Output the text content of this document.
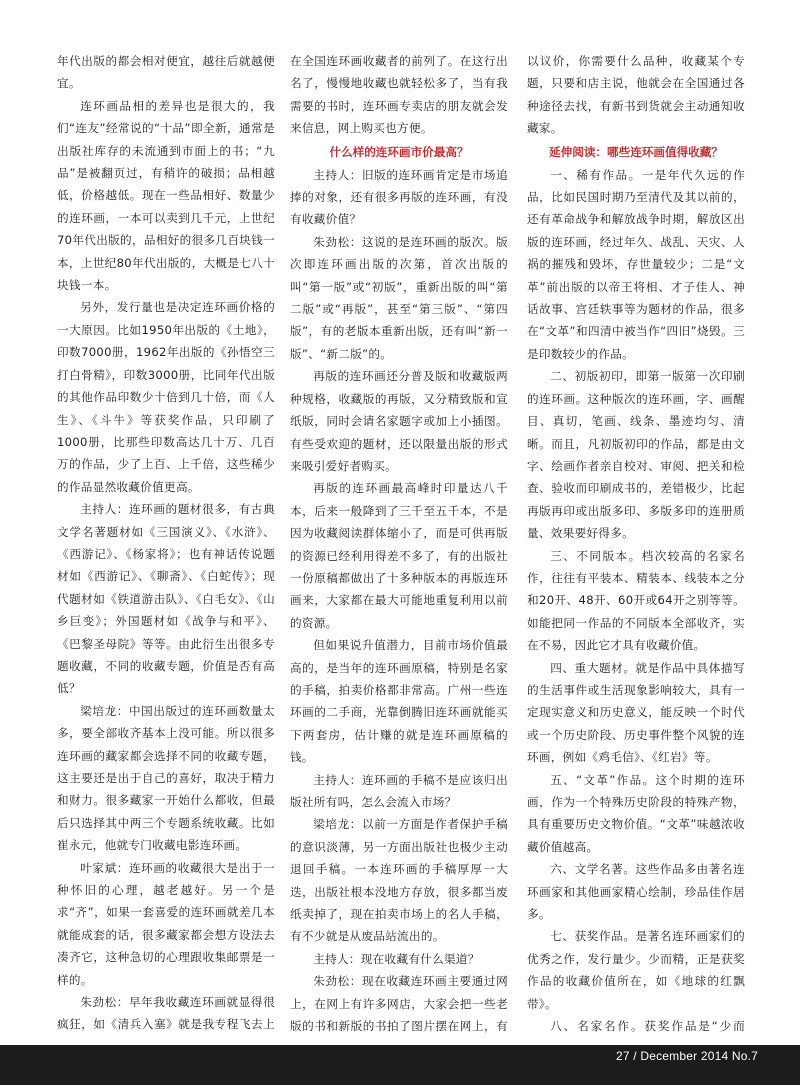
年代出版的都会相对便宜，越往后就越便宜。

连环画品相的差异也是很大的，我们“连友”经常说的“十品”即全新，通常是出版社库存的未流通到市面上的书；“九品”是被翻页过，有稍许的破损；品相越低，价格越低。现在一些品相好、数量少的连环画，一本可以卖到几千元，上世纪70年代出版的，品相好的很多几百块钱一本，上世纪80年代出版的，大概是七八十块钱一本。

另外，发行量也是决定连环画价格的一大原因。比如1950年出版的《土地》，印数7000册，1962年出版的《孙悟空三打白骨精》，印数3000册，比同年代出版的其他作品印数少十倍到几十倍，而《人生》、《斗牛》等获奖作品，只印刷了1000册，比那些印数高达几十万、几百万的作品，少了上百、上千倍，这些稀少的作品显然收藏价值更高。

主持人：连环画的题材很多，有古典文学名著题材如《三国演义》、《水浒》、《西游记》、《杨家将》；也有神话传说题材如《西游记》、《聊斋》、《白蛇传》；现代题材如《铁道游击队》、《白毛女》、《山乡巨变》；外国题材如《战争与和平》、《巴黎圣母院》等等。由此衍生出很多专题收藏，不同的收藏专题，价值是否有高低？

梁培龙：中国出版过的连环画数量太多，要全部收齐基本上没可能。所以很多连环画的藏家都会选择不同的收藏专题，这主要还是出于自己的喜好，取决于精力和财力。很多藏家一开始什么都收，但最后只选择其中两三个专题系统收藏。比如崔永元，他就专门收藏电影连环画。

叶家斌：连环画的收藏很大是出于一种怀旧的心理，越老越好。另一个是求“齐”，如果一套喜爱的连环画就差几本就能成套的话，很多藏家都会想方设法去凑齐它，这种急切的心理跟收集邮票是一样的。

朱劲松：早年我收藏连环画就显得很疯狂，如《清兵入塞》就是我专程飞去上

在全国连环画收藏者的前列了。在这行出名了，慢慢地收藏也就轻松多了，当有我需要的书时，连环画专卖店的朋友就会发来信息，网上购买也方便。

什么样的连环画市价最高？

主持人：旧版的连环画肯定是市场追捧的对象，还有很多再版的连环画，有没有收藏价值？

朱劲松：这说的是连环画的版次。版次即连环画出版的次第，首次出版的叫“第一版”或“初版”，重新出版的叫“第二版”或“再版”，甚至“第三版”、“第四版”，有的老版本重新出版，还有叫“新一版”、“新二版”的。

再版的连环画还分普及版和收藏版两种规格，收藏版的再版，又分精致版和宣纸版，同时会请名家题字或加上小插图。有些受欢迎的题材，还以限量出版的形式来吸引爱好者购买。

再版的连环画最高峰时印量达八千本，后来一般降到了三千至五千本，不是因为收藏阅读群体缩小了，而是可供再版的资源已经利用得差不多了，有的出版社一份原稿都做出了十多种版本的再版连环画来，大家都在最大可能地重复利用以前的资源。

但如果说升值潜力，目前市场价值最高的，是当年的连环画原稿，特别是名家的手稿，拍卖价格都非常高。广州一些连环画的二手商，光靠倒腾旧连环画就能买下两套房，估计赚的就是连环画原稿的钱。

主持人：连环画的手稿不是应该归出版社所有吗，怎么会流入市场？

梁培龙：以前一方面是作者保护手稿的意识淡薄，另一方面出版社也极少主动退回手稿。一本连环画的手稿厚厚一大迭，出版社根本没地方存放，很多都当废纸卖掉了，现在拍卖市场上的名人手稿，有不少就是从废品站流出的。

主持人：现在收藏有什么渠道？

朱劲松：现在收藏连环画主要通过网上，在网上有许多网店，大家会把一些老版的书和新版的书拍了图片摆在网上，有

以议价，你需要什么品种，收藏某个专题，只要和店主说，他就会在全国通过各种途径去找，有新书到货就会主动通知收藏家。

延伸阅读：哪些连环画值得收藏？

一、稀有作品。一是年代久远的作品，比如民国时期乃至清代及其以前的，还有革命战争和解放战争时期，解放区出版的连环画，经过年久、战乱、天灾、人祸的摧残和毁坏，存世量较少；二是“文革”前出版的以帝王将相、才子佳人、神话故事、宫廷轶事等为题材的作品，很多在“文革”和四清中被当作“四旧”烧毁。三是印数较少的作品。

二、初版初印，即第一版第一次印刷的连环画。这种版次的连环画，字、画醒目、真切，笔画、线条、墨迹均匀、清晰。而且，凡初版初印的作品，都是由文字、绘画作者亲自校对、审阅、把关和检查、验收而印刷成书的，差错极少，比起再版再印或出版多印、多版多印的连册质量、效果要好得多。

三、不同版本。档次较高的名家名作，往往有平装本、精装本、线装本之分和20开、48开、60开或64开之别等等。如能把同一作品的不同版本全部收齐，实在不易，因此它才具有收藏价值。

四、重大题材。就是作品中具体描写的生活事件或生活现象影响较大，具有一定现实意义和历史意义，能反映一个时代或一个历史阶段、历史事件整个风貌的连环画，例如《鸡毛信》、《红岩》等。

五、“文革”作品。这个时期的连环画，作为一个特殊历史阶段的特殊产物，具有重要历史文物价值。“文革”味越浓收藏价值越高。

六、文学名著。这些作品多由著名连环画家和其他画家精心绘制，珍品佳作居多。

七、获奖作品。是著名连环画家们的优秀之作，发行量少。少而精，正是获奖作品的收藏价值所在，如《地球的红飘带》。

八、名家名作。获奖作品是“少而

27 / December 2014 No.7
